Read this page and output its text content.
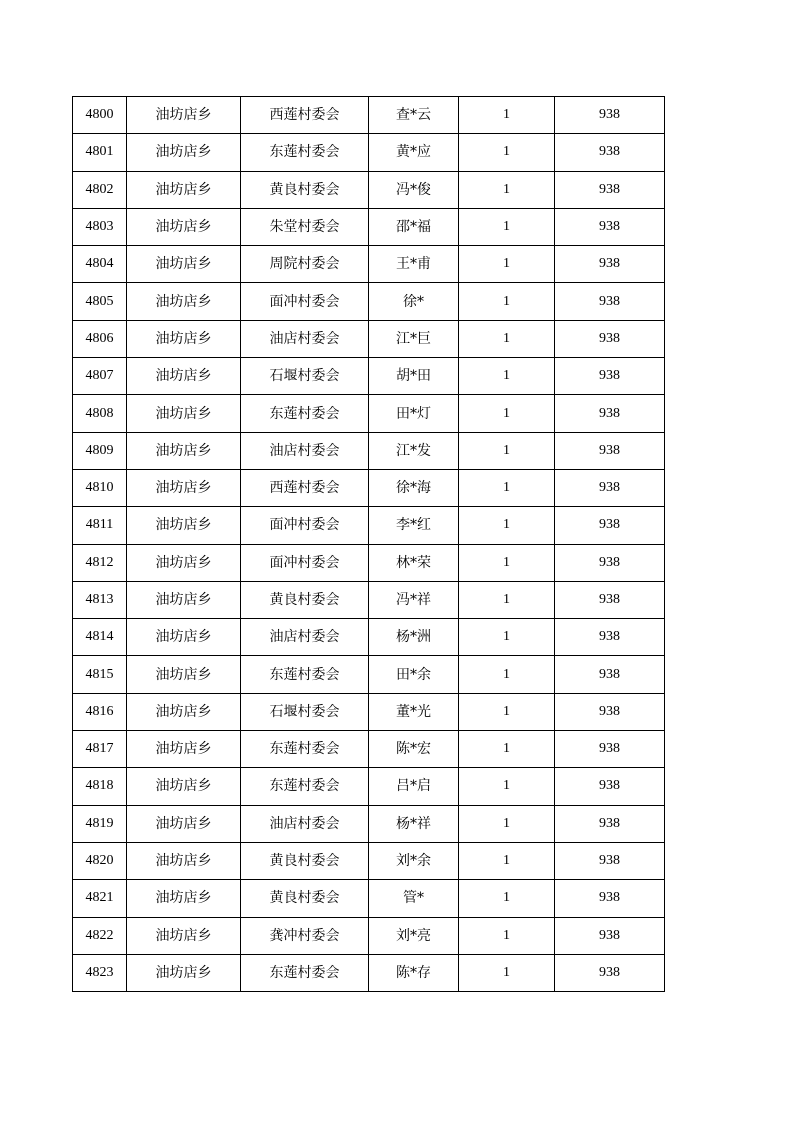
4800	油坊店乡	西莲村委会	查*云	1	938
4801	油坊店乡	东莲村委会	黄*应	1	938
4802	油坊店乡	黄良村委会	冯*俊	1	938
4803	油坊店乡	朱堂村委会	邵*福	1	938
4804	油坊店乡	周院村委会	王*甫	1	938
4805	油坊店乡	面冲村委会	徐*	1	938
4806	油坊店乡	油店村委会	江*巨	1	938
4807	油坊店乡	石堰村委会	胡*田	1	938
4808	油坊店乡	东莲村委会	田*灯	1	938
4809	油坊店乡	油店村委会	江*发	1	938
4810	油坊店乡	西莲村委会	徐*海	1	938
4811	油坊店乡	面冲村委会	李*红	1	938
4812	油坊店乡	面冲村委会	林*荣	1	938
4813	油坊店乡	黄良村委会	冯*祥	1	938
4814	油坊店乡	油店村委会	杨*洲	1	938
4815	油坊店乡	东莲村委会	田*余	1	938
4816	油坊店乡	石堰村委会	董*光	1	938
4817	油坊店乡	东莲村委会	陈*宏	1	938
4818	油坊店乡	东莲村委会	吕*启	1	938
4819	油坊店乡	油店村委会	杨*祥	1	938
4820	油坊店乡	黄良村委会	刘*余	1	938
4821	油坊店乡	黄良村委会	管*	1	938
4822	油坊店乡	龚冲村委会	刘*亮	1	938
4823	油坊店乡	东莲村委会	陈*存	1	938
